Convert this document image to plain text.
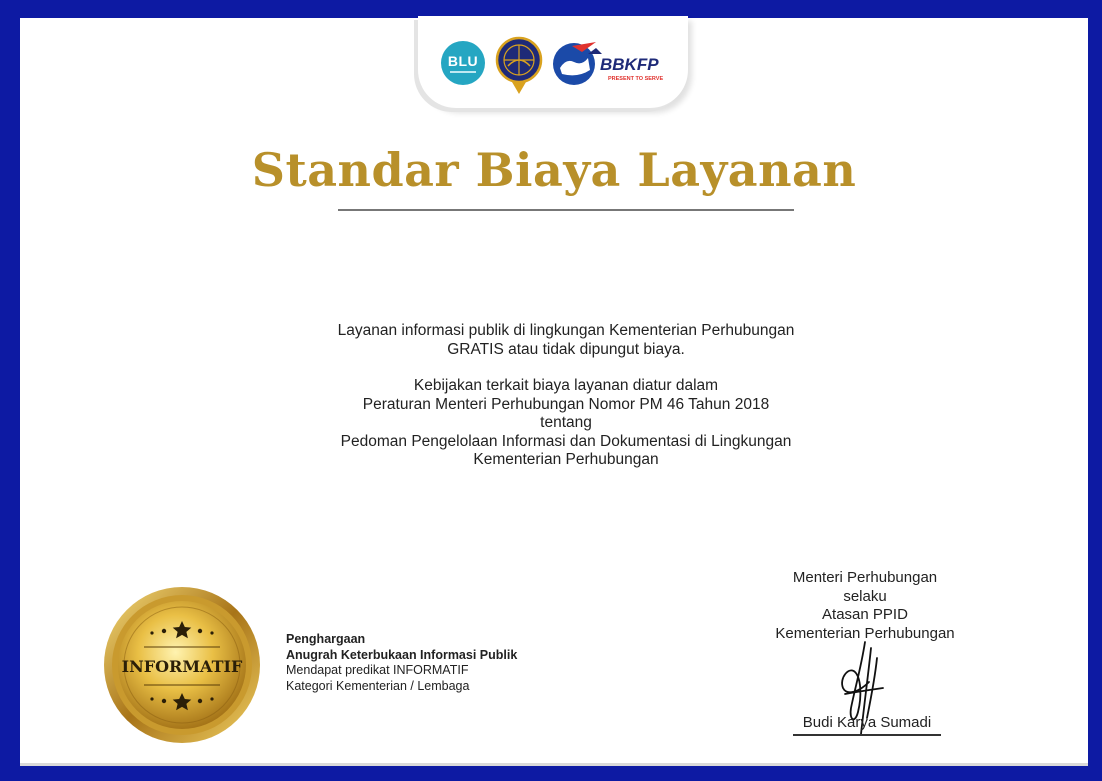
BLU	BBKFP
PRESENT TO SERVE
Standar Biaya Layanan

Layanan informasi publik di lingkungan Kementerian Perhubungan
GRATIS atau tidak dipungut biaya.

Kebijakan terkait biaya layanan diatur dalam
Peraturan Menteri Perhubungan Nomor PM 46 Tahun 2018
tentang
Pedoman Pengelolaan Informasi dan Dokumentasi di Lingkungan
Kementerian Perhubungan

INFORMATIF
Penghargaan
Anugrah Keterbukaan Informasi Publik
Mendapat predikat INFORMATIF
Kategori Kementerian / Lembaga
Menteri Perhubungan
selaku
Atasan PPID
Kementerian Perhubungan
Budi Karya Sumadi
